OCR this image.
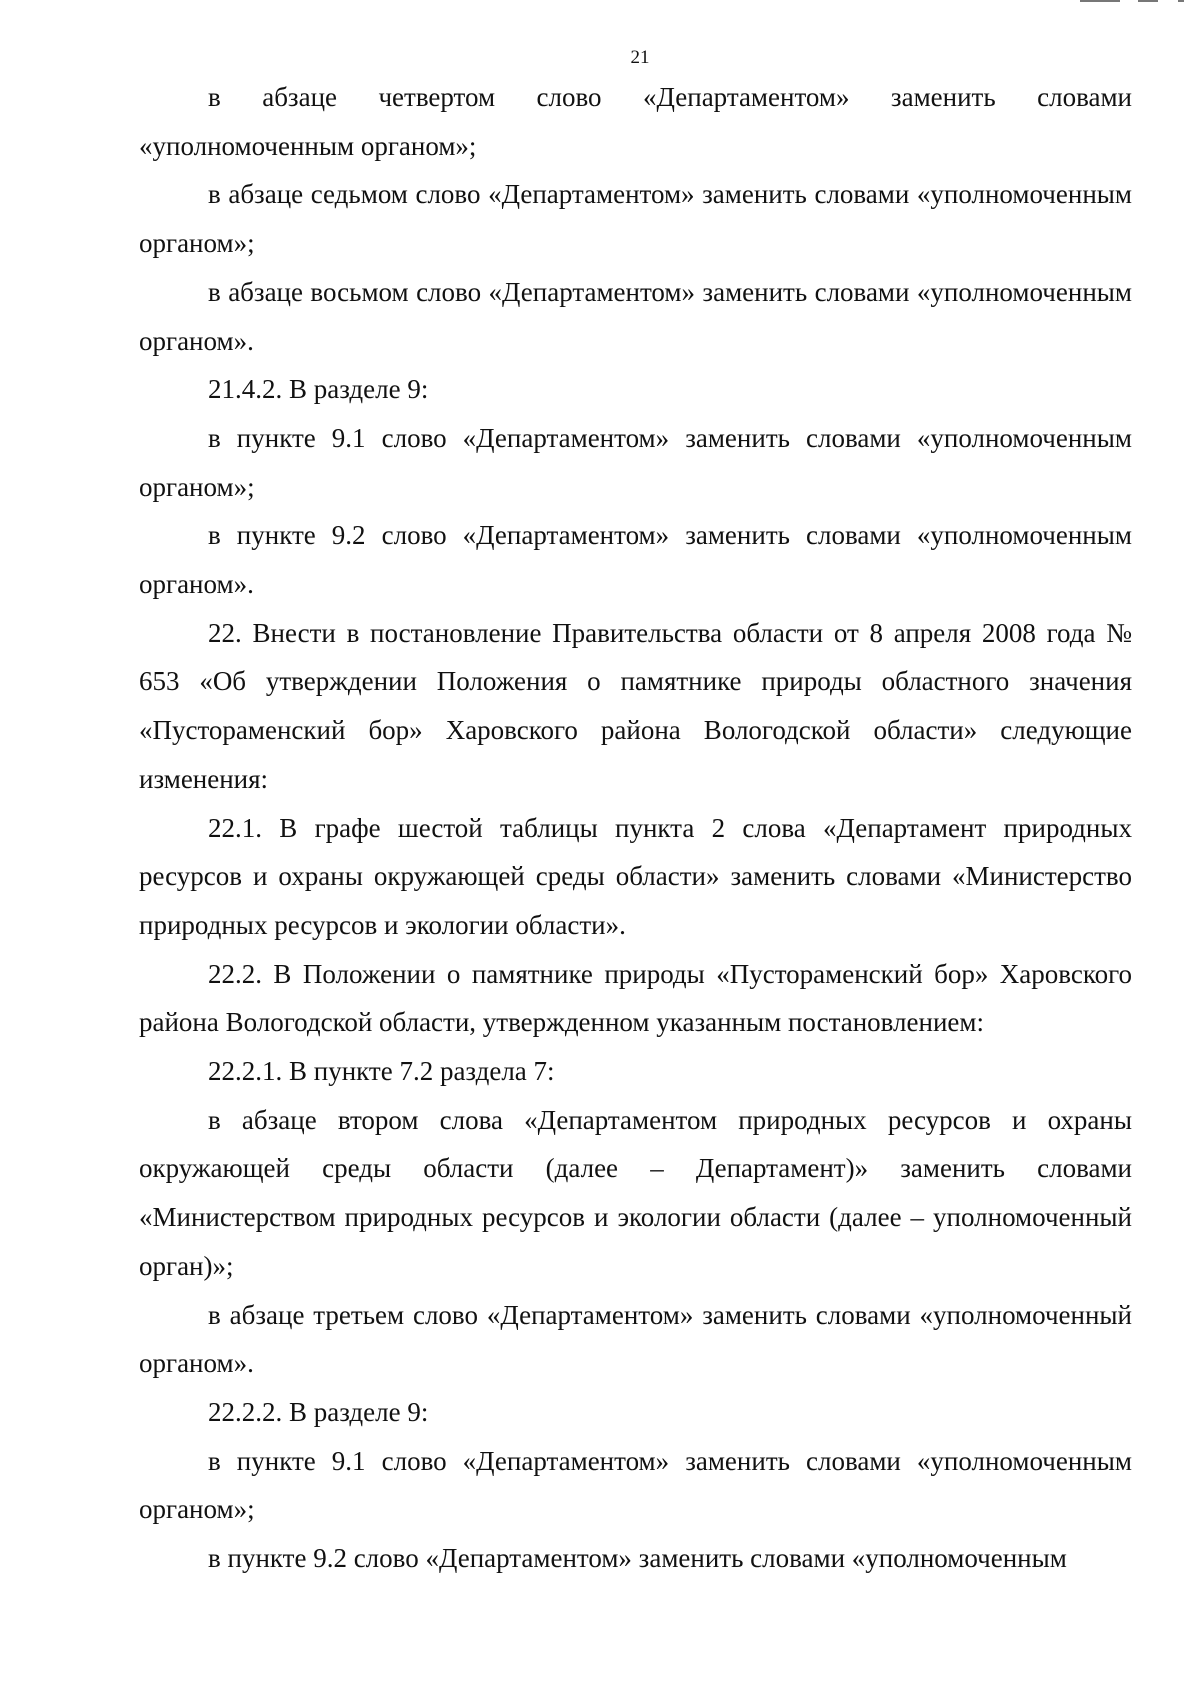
21

в абзаце четвертом слово «Департаментом» заменить словами «уполномоченным органом»;

в абзаце седьмом слово «Департаментом» заменить словами «уполномоченным органом»;

в абзаце восьмом слово «Департаментом» заменить словами «уполномоченным органом».

21.4.2. В разделе 9:

в пункте 9.1 слово «Департаментом» заменить словами «уполномоченным органом»;

в пункте 9.2 слово «Департаментом» заменить словами «уполномоченным органом».

22. Внести в постановление Правительства области от 8 апреля 2008 года № 653 «Об утверждении Положения о памятнике природы областного значения «Пустораменский бор» Харовского района Вологодской области» следующие изменения:

22.1. В графе шестой таблицы пункта 2 слова «Департамент природных ресурсов и охраны окружающей среды области» заменить словами «Министерство природных ресурсов и экологии области».

22.2. В Положении о памятнике природы «Пустораменский бор» Харовского района Вологодской области, утвержденном указанным постановлением:

22.2.1. В пункте 7.2 раздела 7:

в абзаце втором слова «Департаментом природных ресурсов и охраны окружающей среды области (далее – Департамент)» заменить словами «Министерством природных ресурсов и экологии области (далее – уполномоченный орган)»;

в абзаце третьем слово «Департаментом» заменить словами «уполномоченный органом».

22.2.2. В разделе 9:

в пункте 9.1 слово «Департаментом» заменить словами «уполномоченным органом»;

в пункте 9.2 слово «Департаментом» заменить словами «уполномоченным
